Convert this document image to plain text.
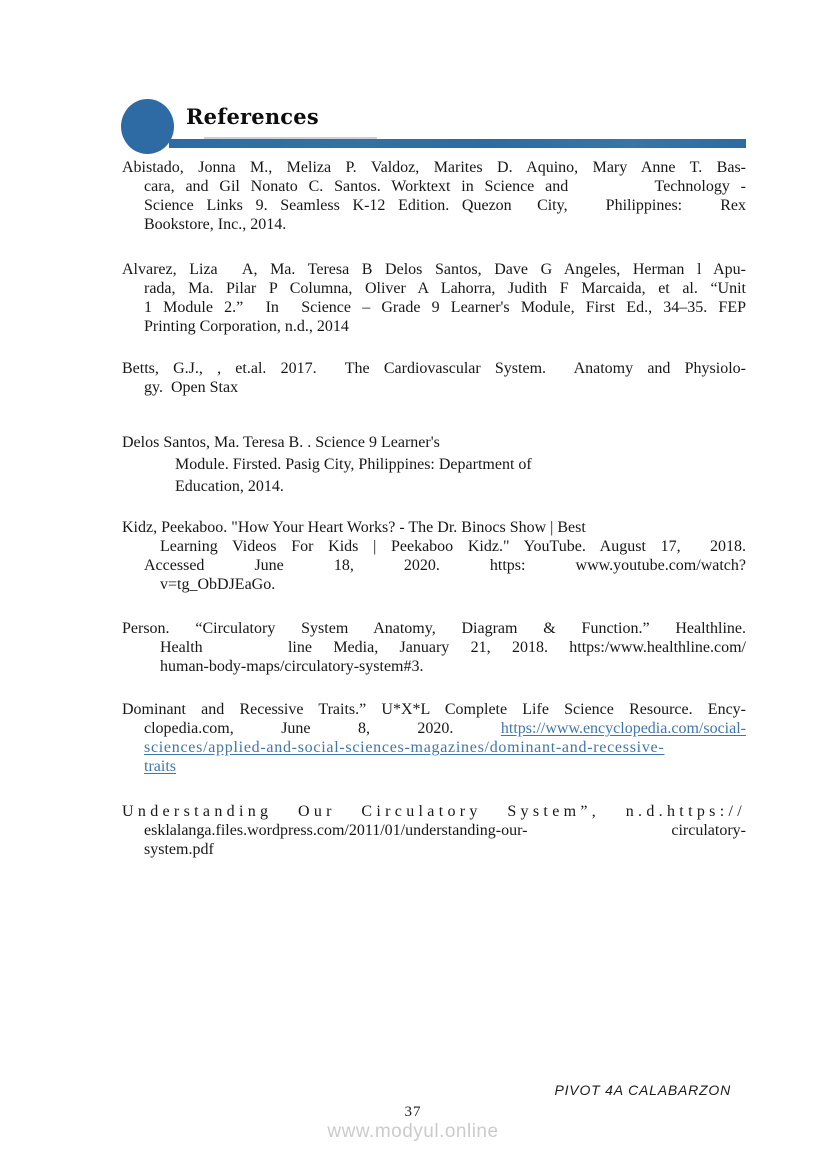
References
Abistado, Jonna M., Meliza P. Valdoz, Marites D. Aquino, Mary Anne T. Bas-
cara, and Gil Nonato C. Santos. Worktext in Science and        Technology -
Science Links 9. Seamless K-12 Edition. Quezon  City,   Philippines:   Rex
Bookstore, Inc., 2014.
Alvarez, Liza  A, Ma. Teresa B Delos Santos, Dave G Angeles, Herman l Apu-
rada, Ma. Pilar P Columna, Oliver A Lahorra, Judith F Marcaida, et al. “Unit
1 Module 2.”  In  Science – Grade 9 Learner's Module, First Ed., 34–35. FEP
Printing Corporation, n.d., 2014
Betts, G.J., , et.al. 2017.  The Cardiovascular System.  Anatomy and Physiolo-
gy.  Open Stax
Delos Santos, Ma. Teresa B. . Science 9 Learner's
Module. Firsted. Pasig City, Philippines: Department of
Education, 2014.
Kidz, Peekaboo. "How Your Heart Works? - The Dr. Binocs Show | Best
Learning Videos For Kids | Peekaboo Kidz." YouTube. August 17,  2018.
Accessed  June  18,  2020.  https:  www.youtube.com/watch?
v=tg_ObDJEaGo.
Person. “Circulatory System Anatomy, Diagram & Function.” Healthline.
Health    line Media, January 21, 2018. https:/www.healthline.com/
human-body-maps/circulatory-system#3.
Dominant and Recessive Traits.” U*X*L Complete Life Science Resource. Ency-
clopedia.com, June 8, 2020. https://www.encyclopedia.com/social-
sciences/applied-and-social-sciences-magazines/dominant-and-recessive-
traits
Understanding Our Circulatory System”, n.d.https://
esklalanga.files.wordpress.com/2011/01/understanding-our- circulatory-
system.pdf
PIVOT 4A CALABARZON
37
www.modyul.online
